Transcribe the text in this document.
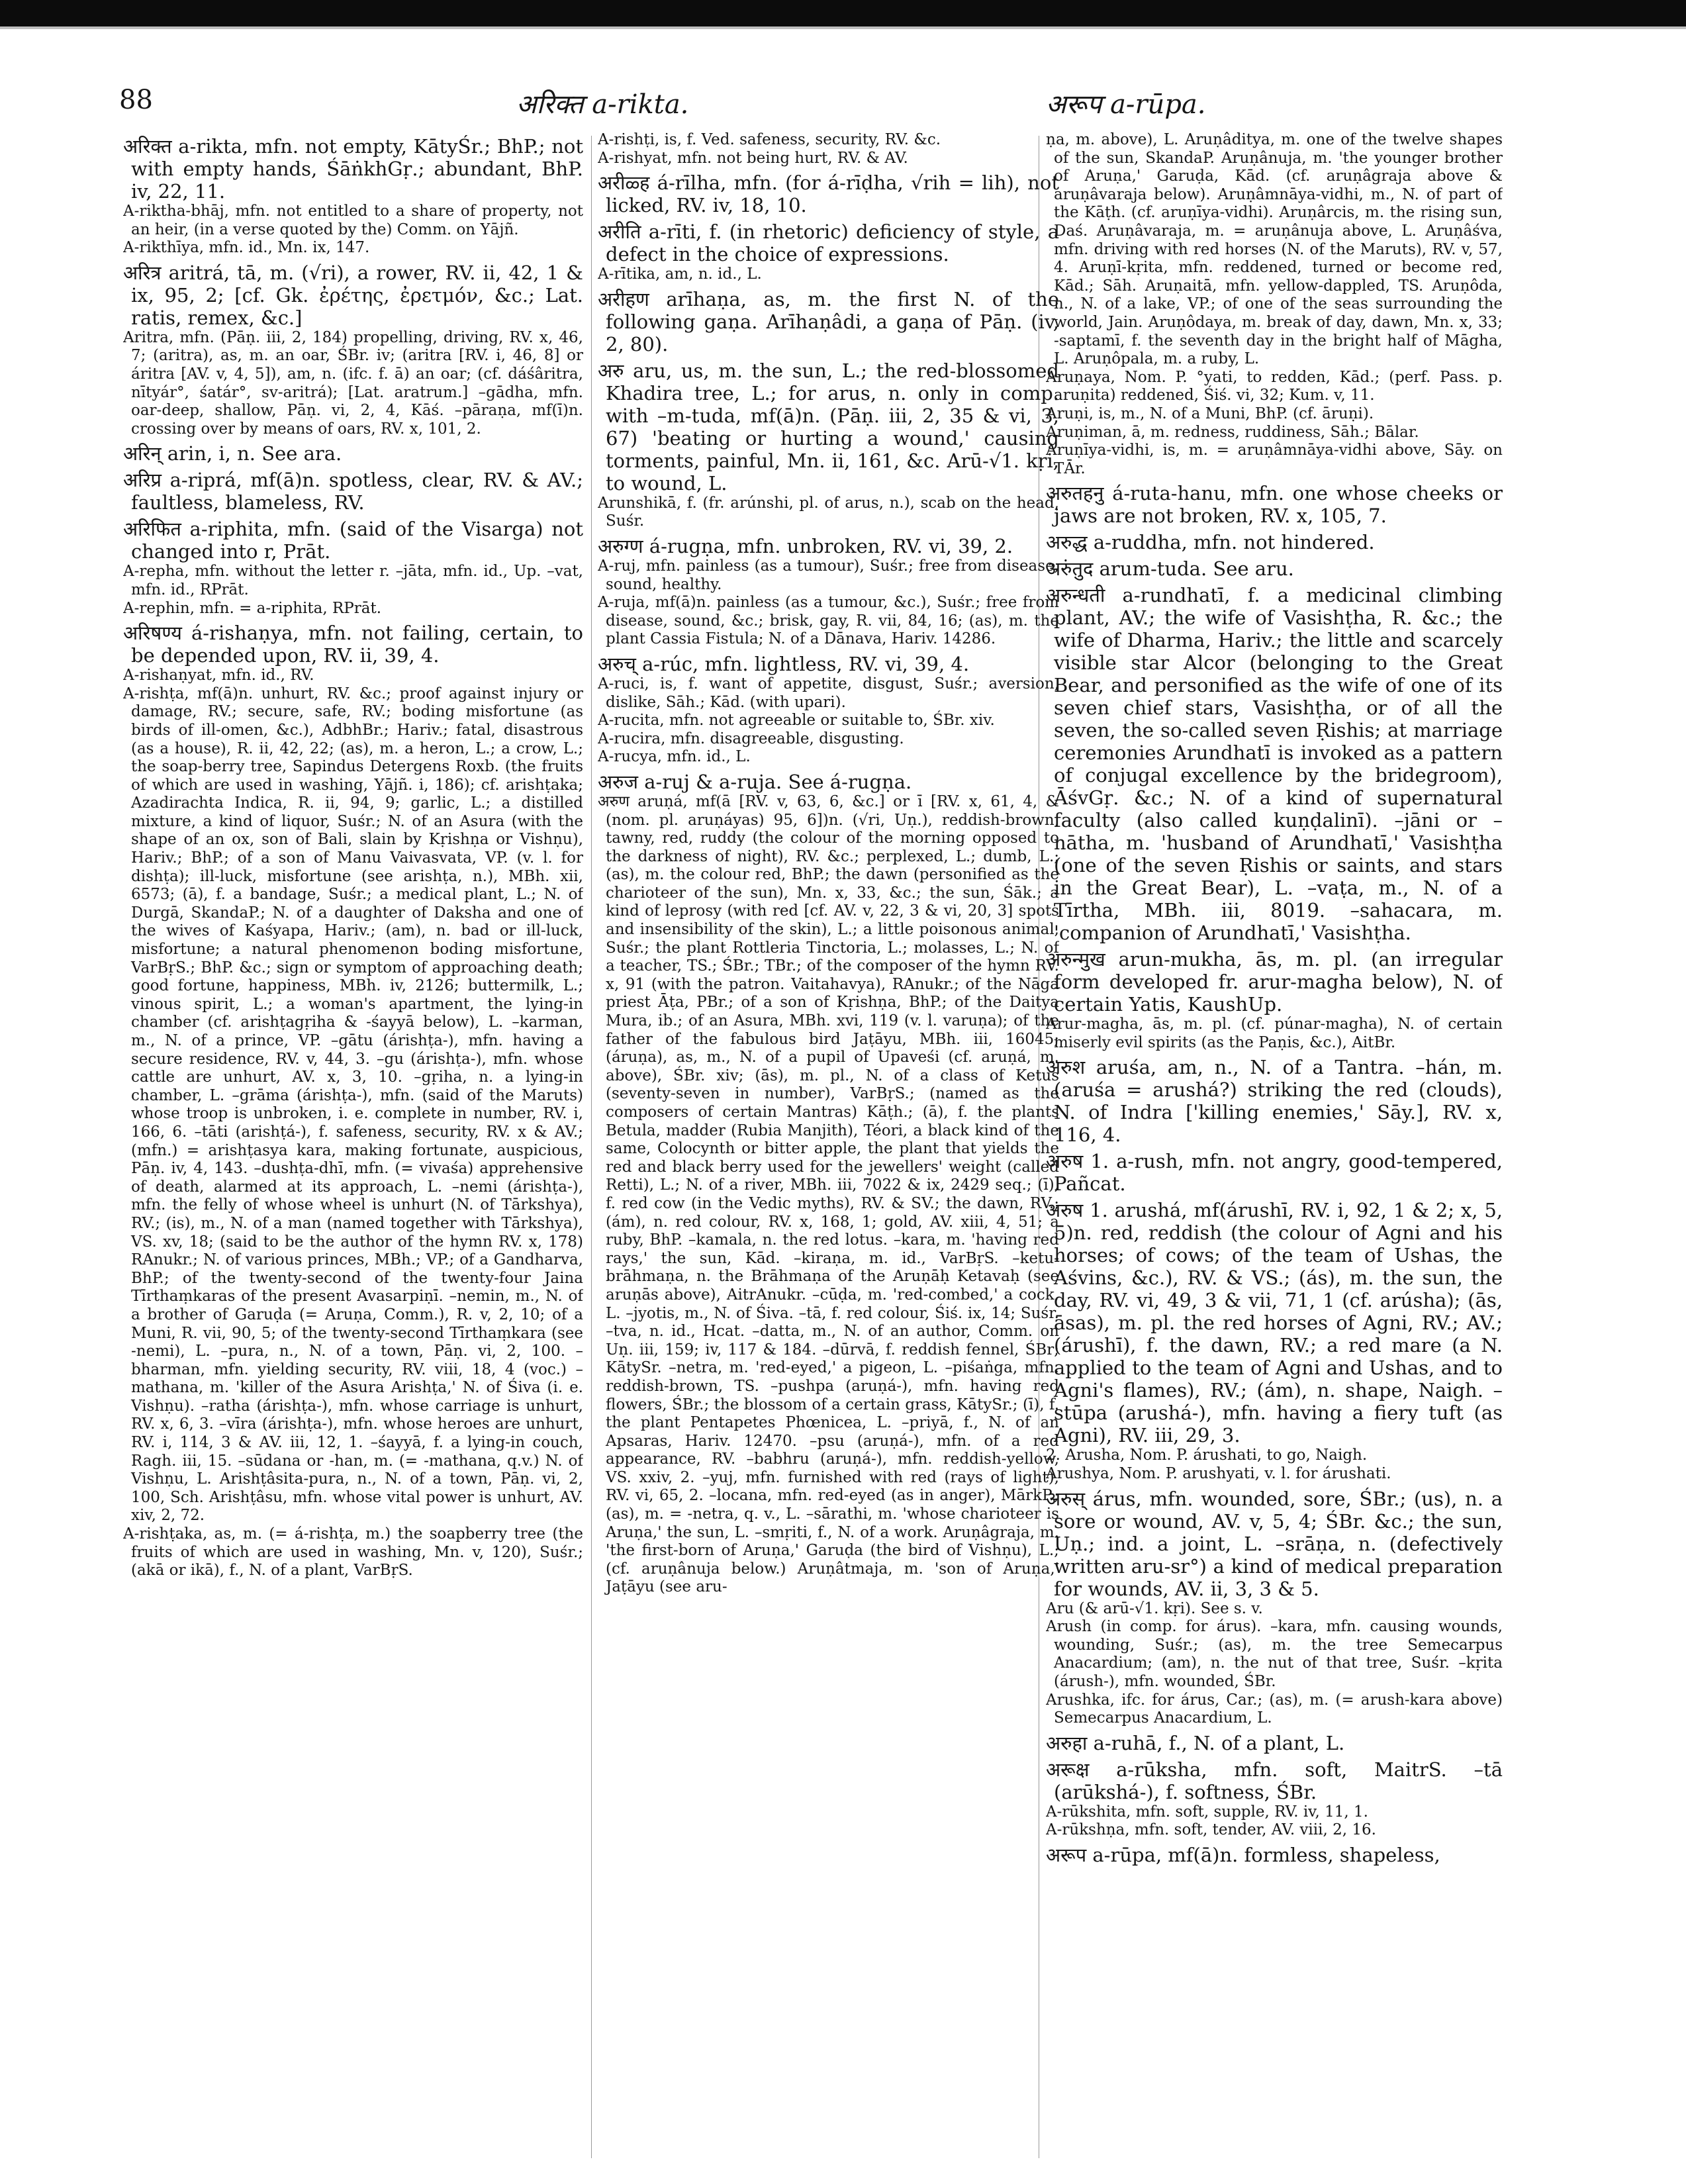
88	अरिक्त a-rikta.	अरूप a-rūpa.

अरिक्त a-rikta, mfn. not empty, KātyŚr.; BhP.; not with empty hands, ŚāṅkhGṛ.; abundant, BhP. iv, 22, 11.

A-riktha-bhāj, mfn. not entitled to a share of property, not an heir, (in a verse quoted by the) Comm. on Yājñ.

A-rikthīya, mfn. id., Mn. ix, 147.

अरित्र aritrá, tā, m. (√ri), a rower, RV. ii, 42, 1 & ix, 95, 2; [cf. Gk. ἐρέτης, ἐρετμόν, &c.; Lat. ratis, remex, &c.]

Aritra, mfn. (Pāṇ. iii, 2, 184) propelling, driving, RV. x, 46, 7; (aritra), as, m. an oar, ŚBr. iv; (aritra [RV. i, 46, 8] or áritra [AV. v, 4, 5]), am, n. (ifc. f. ā) an oar; (cf. dáśâritra, nītyár°, śatár°, sv-aritrá); [Lat. aratrum.] –gādha, mfn. oar-deep, shallow, Pāṇ. vi, 2, 4, Kāś. –pāraṇa, mf(ī)n. crossing over by means of oars, RV. x, 101, 2.

अरिन् arin, i, n. See ara.

अरिप्र a-riprá, mf(ā)n. spotless, clear, RV. & AV.; faultless, blameless, RV.

अरिफित a-riphita, mfn. (said of the Visarga) not changed into r, Prāt.

A-repha, mfn. without the letter r. –jāta, mfn. id., Up. –vat, mfn. id., RPrāt.

A-rephin, mfn. = a-riphita, RPrāt.

अरिषण्य á-rishaṇya, mfn. not failing, certain, to be depended upon, RV. ii, 39, 4.

A-rishaṇyat, mfn. id., RV.

A-rishṭa, mf(ā)n. unhurt, RV. &c.; proof against injury or damage, RV.; secure, safe, RV.; boding misfortune (as birds of ill-omen, &c.), AdbhBr.; Hariv.; fatal, disastrous (as a house), R. ii, 42, 22; (as), m. a heron, L.; a crow, L.; the soap-berry tree, Sapindus Detergens Roxb. (the fruits of which are used in washing, Yājñ. i, 186); cf. arishṭaka; Azadirachta Indica, R. ii, 94, 9; garlic, L.; a distilled mixture, a kind of liquor, Suśr.; N. of an Asura (with the shape of an ox, son of Bali, slain by Kṛishṇa or Vishṇu), Hariv.; BhP.; of a son of Manu Vaivasvata, VP. (v. l. for dishṭa); ill-luck, misfortune (see arishṭa, n.), MBh. xii, 6573; (ā), f. a bandage, Suśr.; a medical plant, L.; N. of Durgā, SkandaP.; N. of a daughter of Daksha and one of the wives of Kaśyapa, Hariv.; (am), n. bad or ill-luck, misfortune; a natural phenomenon boding misfortune, VarBṛS.; BhP. &c.; sign or symptom of approaching death; good fortune, happiness, MBh. iv, 2126; buttermilk, L.; vinous spirit, L.; a woman's apartment, the lying-in chamber (cf. arishṭagṛiha & -śayyā below), L. –karman, m., N. of a prince, VP. –gātu (árishṭa-), mfn. having a secure residence, RV. v, 44, 3. –gu (árishṭa-), mfn. whose cattle are unhurt, AV. x, 3, 10. –gṛiha, n. a lying-in chamber, L. –grāma (árishṭa-), mfn. (said of the Maruts) whose troop is unbroken, i. e. complete in number, RV. i, 166, 6. –tāti (arishṭá-), f. safeness, security, RV. x & AV.; (mfn.) = arishṭasya kara, making fortunate, auspicious, Pāṇ. iv, 4, 143. –dushṭa-dhī, mfn. (= vivaśa) apprehensive of death, alarmed at its approach, L. –nemi (árishṭa-), mfn. the felly of whose wheel is unhurt (N. of Tārkshya), RV.; (is), m., N. of a man (named together with Tārkshya), VS. xv, 18; (said to be the author of the hymn RV. x, 178) RAnukr.; N. of various princes, MBh.; VP.; of a Gandharva, BhP.; of the twenty-second of the twenty-four Jaina Tīrthaṃkaras of the present Avasarpiṇī. –nemin, m., N. of a brother of Garuḍa (= Aruṇa, Comm.), R. v, 2, 10; of a Muni, R. vii, 90, 5; of the twenty-second Tīrthaṃkara (see -nemi), L. –pura, n., N. of a town, Pāṇ. vi, 2, 100. –bharman, mfn. yielding security, RV. viii, 18, 4 (voc.) –mathana, m. 'killer of the Asura Arishṭa,' N. of Śiva (i. e. Vishṇu). –ratha (árishṭa-), mfn. whose carriage is unhurt, RV. x, 6, 3. –vīra (árishṭa-), mfn. whose heroes are unhurt, RV. i, 114, 3 & AV. iii, 12, 1. –śayyā, f. a lying-in couch, Ragh. iii, 15. –sūdana or -han, m. (= -mathana, q.v.) N. of Vishṇu, L. Arishṭâsita-pura, n., N. of a town, Pāṇ. vi, 2, 100, Sch. Arishṭâsu, mfn. whose vital power is unhurt, AV. xiv, 2, 72.

A-rishṭaka, as, m. (= á-rishṭa, m.) the soapberry tree (the fruits of which are used in washing, Mn. v, 120), Suśr.; (akā or ikā), f., N. of a plant, VarBṛS.

A-rishṭi, is, f. Ved. safeness, security, RV. &c.

A-rishyat, mfn. not being hurt, RV. & AV.

अरीळ्ह á-rīlha, mfn. (for á-rīḍha, √rih = lih), not licked, RV. iv, 18, 10.

अरीति a-rīti, f. (in rhetoric) deficiency of style, a defect in the choice of expressions.

A-rītika, am, n. id., L.

अरीहण arīhaṇa, as, m. the first N. of the following gaṇa. Arīhaṇâdi, a gaṇa of Pāṇ. (iv, 2, 80).

अरु aru, us, m. the sun, L.; the red-blossomed Khadira tree, L.; for arus, n. only in comp. with –m-tuda, mf(ā)n. (Pāṇ. iii, 2, 35 & vi, 3, 67) 'beating or hurting a wound,' causing torments, painful, Mn. ii, 161, &c. Arū-√1. kṛi, to wound, L.

Arunshikā, f. (fr. arúnshi, pl. of arus, n.), scab on the head, Suśr.

अरुग्ण á-rugṇa, mfn. unbroken, RV. vi, 39, 2.

A-ruj, mfn. painless (as a tumour), Suśr.; free from disease, sound, healthy.

A-ruja, mf(ā)n. painless (as a tumour, &c.), Suśr.; free from disease, sound, &c.; brisk, gay, R. vii, 84, 16; (as), m. the plant Cassia Fistula; N. of a Dānava, Hariv. 14286.

अरुच् a-rúc, mfn. lightless, RV. vi, 39, 4.

A-ruci, is, f. want of appetite, disgust, Suśr.; aversion, dislike, Sāh.; Kād. (with upari).

A-rucita, mfn. not agreeable or suitable to, ŚBr. xiv.

A-rucira, mfn. disagreeable, disgusting.

A-rucya, mfn. id., L.

अरुज a-ruj & a-ruja. See á-rugṇa.

अरुण aruṇá, mf(ā [RV. v, 63, 6, &c.] or ī [RV. x, 61, 4, & (nom. pl. aruṇáyas) 95, 6])n. (√ri, Uṇ.), reddish-brown, tawny, red, ruddy (the colour of the morning opposed to the darkness of night), RV. &c.; perplexed, L.; dumb, L.; (as), m. the colour red, BhP.; the dawn (personified as the charioteer of the sun), Mn. x, 33, &c.; the sun, Śāk.; a kind of leprosy (with red [cf. AV. v, 22, 3 & vi, 20, 3] spots and insensibility of the skin), L.; a little poisonous animal, Suśr.; the plant Rottleria Tinctoria, L.; molasses, L.; N. of a teacher, TS.; ŚBr.; TBr.; of the composer of the hymn RV. x, 91 (with the patron. Vaitahavya), RAnukr.; of the Nāga priest Āṭa, PBr.; of a son of Kṛishṇa, BhP.; of the Daitya Mura, ib.; of an Asura, MBh. xvi, 119 (v. l. varuṇa); of the father of the fabulous bird Jaṭāyu, MBh. iii, 16045; (áruṇa), as, m., N. of a pupil of Upaveśi (cf. aruṇá, m. above), ŚBr. xiv; (ās), m. pl., N. of a class of Ketus (seventy-seven in number), VarBṛS.; (named as the composers of certain Mantras) Kāṭh.; (ā), f. the plants Betula, madder (Rubia Manjith), Téori, a black kind of the same, Colocynth or bitter apple, the plant that yields the red and black berry used for the jewellers' weight (called Retti), L.; N. of a river, MBh. iii, 7022 & ix, 2429 seq.; (ī), f. red cow (in the Vedic myths), RV. & SV.; the dawn, RV.; (ám), n. red colour, RV. x, 168, 1; gold, AV. xiii, 4, 51; a ruby, BhP. –kamala, n. the red lotus. –kara, m. 'having red rays,' the sun, Kād. –kiraṇa, m. id., VarBṛS. –ketu-brāhmaṇa, n. the Brāhmaṇa of the Aruṇāḥ Ketavaḥ (see aruṇās above), AitrAnukr. –cūḍa, m. 'red-combed,' a cock, L. –jyotis, m., N. of Śiva. –tā, f. red colour, Śiś. ix, 14; Suśr. –tva, n. id., Hcat. –datta, m., N. of an author, Comm. on Uṇ. iii, 159; iv, 117 & 184. –dūrvā, f. reddish fennel, ŚBr; KātySr. –netra, m. 'red-eyed,' a pigeon, L. –piśaṅga, mfn. reddish-brown, TS. –pushpa (aruṇá-), mfn. having red flowers, ŚBr.; the blossom of a certain grass, KātySr.; (ī), f. the plant Pentapetes Phœnicea, L. –priyā, f., N. of an Apsaras, Hariv. 12470. –psu (aruṇá-), mfn. of a red appearance, RV. –babhru (aruṇá-), mfn. reddish-yellow, VS. xxiv, 2. –yuj, mfn. furnished with red (rays of light), RV. vi, 65, 2. –locana, mfn. red-eyed (as in anger), MārkP.; (as), m. = -netra, q. v., L. –sārathi, m. 'whose charioteer is Aruṇa,' the sun, L. –smṛiti, f., N. of a work. Aruṇâgraja, m. 'the first-born of Aruṇa,' Garuḍa (the bird of Vishṇu), L.; (cf. aruṇânuja below.) Aruṇâtmaja, m. 'son of Aruṇa,' Jaṭāyu (see aru-

ṇa, m. above), L. Aruṇâditya, m. one of the twelve shapes of the sun, SkandaP. Aruṇânuja, m. 'the younger brother of Aruṇa,' Garuḍa, Kād. (cf. aruṇâgraja above & aruṇâvaraja below). Aruṇâmnāya-vidhi, m., N. of part of the Kāṭh. (cf. aruṇīya-vidhi). Aruṇârcis, m. the rising sun, Daś. Aruṇâvaraja, m. = aruṇânuja above, L. Aruṇâśva, mfn. driving with red horses (N. of the Maruts), RV. v, 57, 4. Aruṇī-kṛita, mfn. reddened, turned or become red, Kād.; Sāh. Aruṇaitā, mfn. yellow-dappled, TS. Aruṇôda, n., N. of a lake, VP.; of one of the seas surrounding the world, Jain. Aruṇôdaya, m. break of day, dawn, Mn. x, 33; -saptamī, f. the seventh day in the bright half of Māgha, L. Aruṇôpala, m. a ruby, L.

Aruṇaya, Nom. P. °yati, to redden, Kād.; (perf. Pass. p. aruṇita) reddened, Śiś. vi, 32; Kum. v, 11.

Aruṇi, is, m., N. of a Muni, BhP. (cf. āruṇi).

Aruṇiman, ā, m. redness, ruddiness, Sāh.; Bālar.

Aruṇīya-vidhi, is, m. = aruṇâmnāya-vidhi above, Sāy. on TĀr.

अरुतहनु á-ruta-hanu, mfn. one whose cheeks or jaws are not broken, RV. x, 105, 7.

अरुद्ध a-ruddha, mfn. not hindered.

अरुंतुद arum-tuda. See aru.

अरुन्धती a-rundhatī, f. a medicinal climbing plant, AV.; the wife of Vasishṭha, R. &c.; the wife of Dharma, Hariv.; the little and scarcely visible star Alcor (belonging to the Great Bear, and personified as the wife of one of its seven chief stars, Vasishṭha, or of all the seven, the so-called seven Ṛishis; at marriage ceremonies Arundhatī is invoked as a pattern of conjugal excellence by the bridegroom), ĀśvGṛ. &c.; N. of a kind of supernatural faculty (also called kuṇḍalinī). –jāni or –nātha, m. 'husband of Arundhatī,' Vasishṭha (one of the seven Ṛishis or saints, and stars in the Great Bear), L. –vaṭa, m., N. of a Tīrtha, MBh. iii, 8019. –sahacara, m. 'companion of Arundhatī,' Vasishṭha.

अरुन्मुख arun-mukha, ās, m. pl. (an irregular form developed fr. arur-magha below), N. of certain Yatis, KaushUp.

Arur-magha, ās, m. pl. (cf. púnar-magha), N. of certain miserly evil spirits (as the Paṇis, &c.), AitBr.

अरुश aruśa, am, n., N. of a Tantra. –hán, m. (aruśa = arushá?) striking the red (clouds), N. of Indra ['killing enemies,' Sāy.], RV. x, 116, 4.

अरुष 1. a-rush, mfn. not angry, good-tempered, Pañcat.

अरुष 1. arushá, mf(árushī, RV. i, 92, 1 & 2; x, 5, 5)n. red, reddish (the colour of Agni and his horses; of cows; of the team of Ushas, the Aśvins, &c.), RV. & VS.; (ás), m. the sun, the day, RV. vi, 49, 3 & vii, 71, 1 (cf. arúsha); (ās, āsas), m. pl. the red horses of Agni, RV.; AV.; (árushī), f. the dawn, RV.; a red mare (a N. applied to the team of Agni and Ushas, and to Agni's flames), RV.; (ám), n. shape, Naigh. –stūpa (arushá-), mfn. having a fiery tuft (as Agni), RV. iii, 29, 3.

2. Arusha, Nom. P. árushati, to go, Naigh.

Arushya, Nom. P. arushyati, v. l. for árushati.

अरुस् árus, mfn. wounded, sore, ŚBr.; (us), n. a sore or wound, AV. v, 5, 4; ŚBr. &c.; the sun, Uṇ.; ind. a joint, L. –srāṇa, n. (defectively written aru-sr°) a kind of medical preparation for wounds, AV. ii, 3, 3 & 5.

Aru (& arū-√1. kṛi). See s. v.

Arush (in comp. for árus). –kara, mfn. causing wounds, wounding, Suśr.; (as), m. the tree Semecarpus Anacardium; (am), n. the nut of that tree, Suśr. –kṛita (árush-), mfn. wounded, ŚBr.

Arushka, ifc. for árus, Car.; (as), m. (= arush-kara above) Semecarpus Anacardium, L.

अरुहा a-ruhā, f., N. of a plant, L.

अरूक्ष a-rūksha, mfn. soft, MaitrS. –tā (arūkshá-), f. softness, ŚBr.

A-rūkshita, mfn. soft, supple, RV. iv, 11, 1.

A-rūkshṇa, mfn. soft, tender, AV. viii, 2, 16.

अरूप a-rūpa, mf(ā)n. formless, shapeless,
